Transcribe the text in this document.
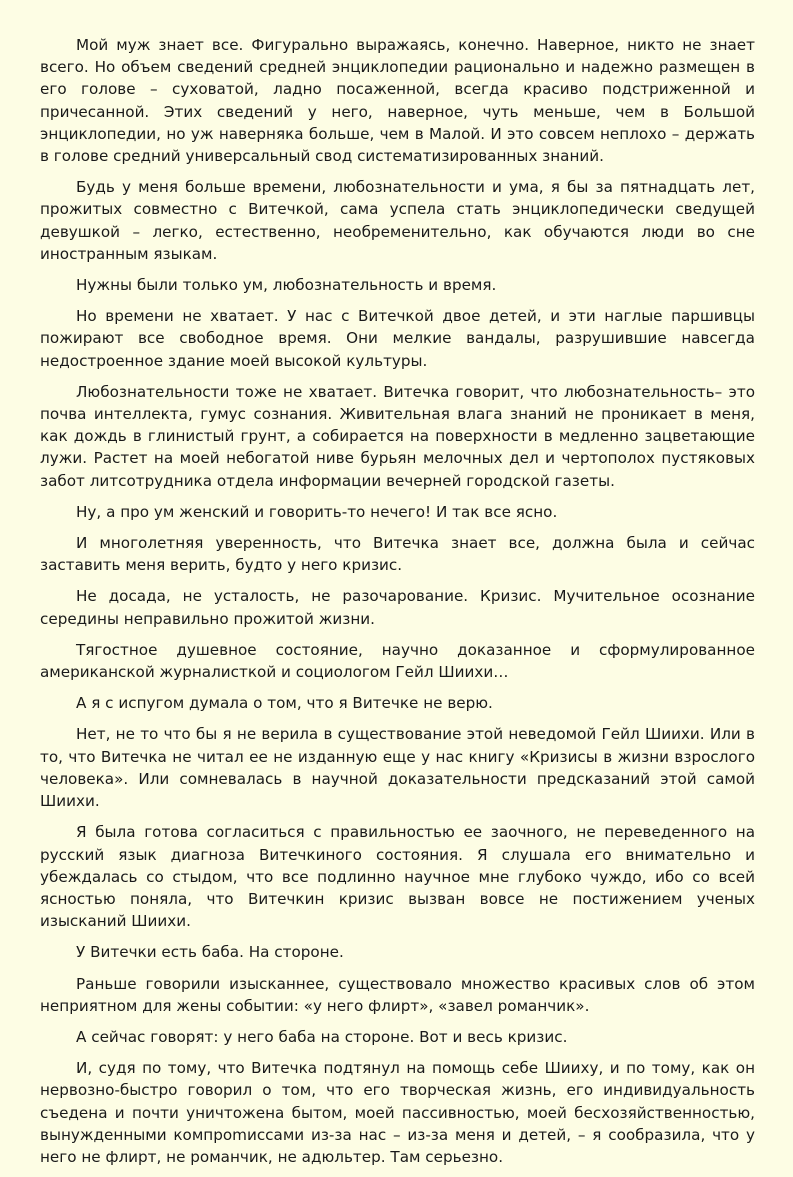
Мой муж знает все. Фигурально выражаясь, конечно. Наверное, никто не знает всего. Но объем сведений средней энциклопедии рационально и надежно размещен в его голове – суховатой, ладно посаженной, всегда красиво подстриженной и причесанной. Этих сведений у него, наверное, чуть меньше, чем в Большой энциклопедии, но уж наверняка больше, чем в Малой. И это совсем неплохо – держать в голове средний универсальный свод систематизированных знаний.

Будь у меня больше времени, любознательности и ума, я бы за пятнадцать лет, прожитых совместно с Витечкой, сама успела стать энциклопедически сведущей девушкой – легко, естественно, необременительно, как обучаются люди во сне иностранным языкам.

Нужны были только ум, любознательность и время.

Но времени не хватает. У нас с Витечкой двое детей, и эти наглые паршивцы пожирают все свободное время. Они мелкие вандалы, разрушившие навсегда недостроенное здание моей высокой культуры.

Любознательности тоже не хватает. Витечка говорит, что любознательность– это почва интеллекта, гумус сознания. Живительная влага знаний не проникает в меня, как дождь в глинистый грунт, а собирается на поверхности в медленно зацветающие лужи. Растет на моей небогатой ниве бурьян мелочных дел и чертополох пустяковых забот литсотрудника отдела информации вечерней городской газеты.

Ну, а про ум женский и говорить-то нечего! И так все ясно.

И многолетняя уверенность, что Витечка знает все, должна была и сейчас заставить меня верить, будто у него кризис.

Не досада, не усталость, не разочарование. Кризис. Мучительное осознание середины неправильно прожитой жизни.

Тягостное душевное состояние, научно доказанное и сформулированное американской журналисткой и социологом Гейл Шиихи…

А я с испугом думала о том, что я Витечке не верю.

Нет, не то что бы я не верила в существование этой неведомой Гейл Шиихи. Или в то, что Витечка не читал ее не изданную еще у нас книгу «Кризисы в жизни взрослого человека». Или сомневалась в научной доказательности предсказаний этой самой Шиихи.

Я была готова согласиться с правильностью ее заочного, не переведенного на русский язык диагноза Витечкиного состояния. Я слушала его внимательно и убеждалась со стыдом, что все подлинно научное мне глубоко чуждо, ибо со всей ясностью поняла, что Витечкин кризис вызван вовсе не постижением ученых изысканий Шиихи.

У Витечки есть баба. На стороне.

Раньше говорили изысканнее, существовало множество красивых слов об этом неприятном для жены событии: «у него флирт», «завел романчик».

А сейчас говорят: у него баба на стороне. Вот и весь кризис.

И, судя по тому, что Витечка подтянул на помощь себе Шииху, и по тому, как он нервозно-быстро говорил о том, что его творческая жизнь, его индивидуальность съедена и почти уничтожена бытом, моей пассивностью, моей бесхозяйственностью, вынужденными компроmиссами из-за нас – из-за меня и детей, – я сообразила, что у него не флирт, не романчик, не адюльтер. Там серьезно.
